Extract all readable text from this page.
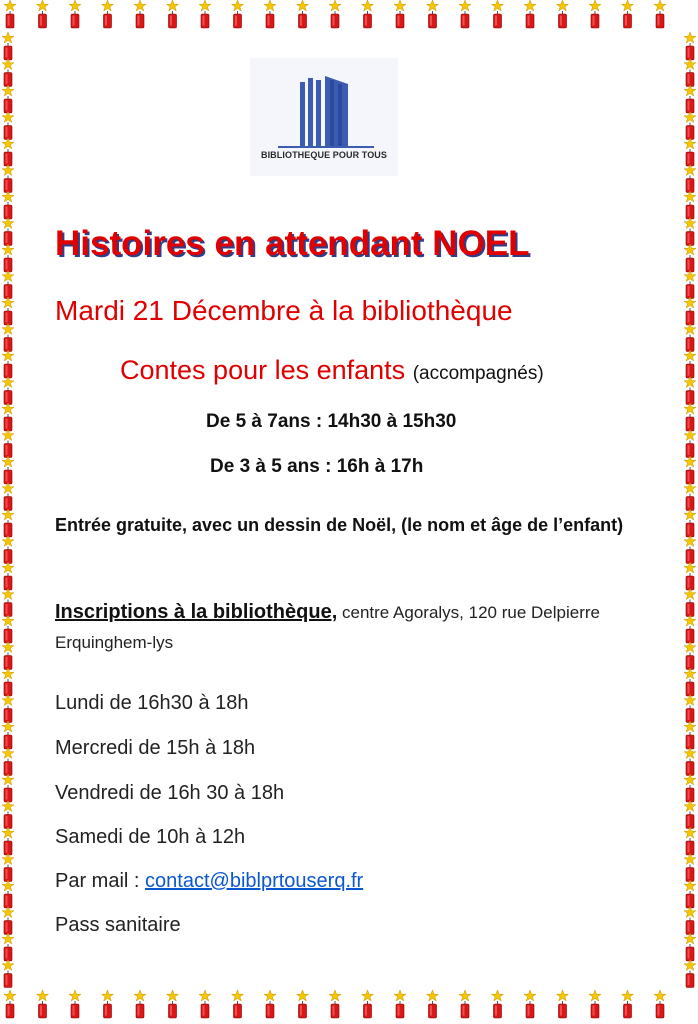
BIBLIOTHEQUE POUR TOUS
Histoires en attendant NOEL
Mardi 21 Décembre à la bibliothèque
Contes pour les enfants (accompagnés)
De 5 à 7ans : 14h30 à 15h30
De 3 à 5 ans : 16h à 17h
Entrée gratuite, avec un dessin de Noël, (le nom et âge de l’enfant)
Inscriptions à la bibliothèque, centre Agoralys, 120 rue Delpierre Erquinghem-lys
Lundi de 16h30 à 18h
Mercredi de 15h à 18h
Vendredi de 16h 30 à 18h
Samedi de 10h à 12h
Par mail : contact@biblprtouserq.fr
Pass sanitaire
